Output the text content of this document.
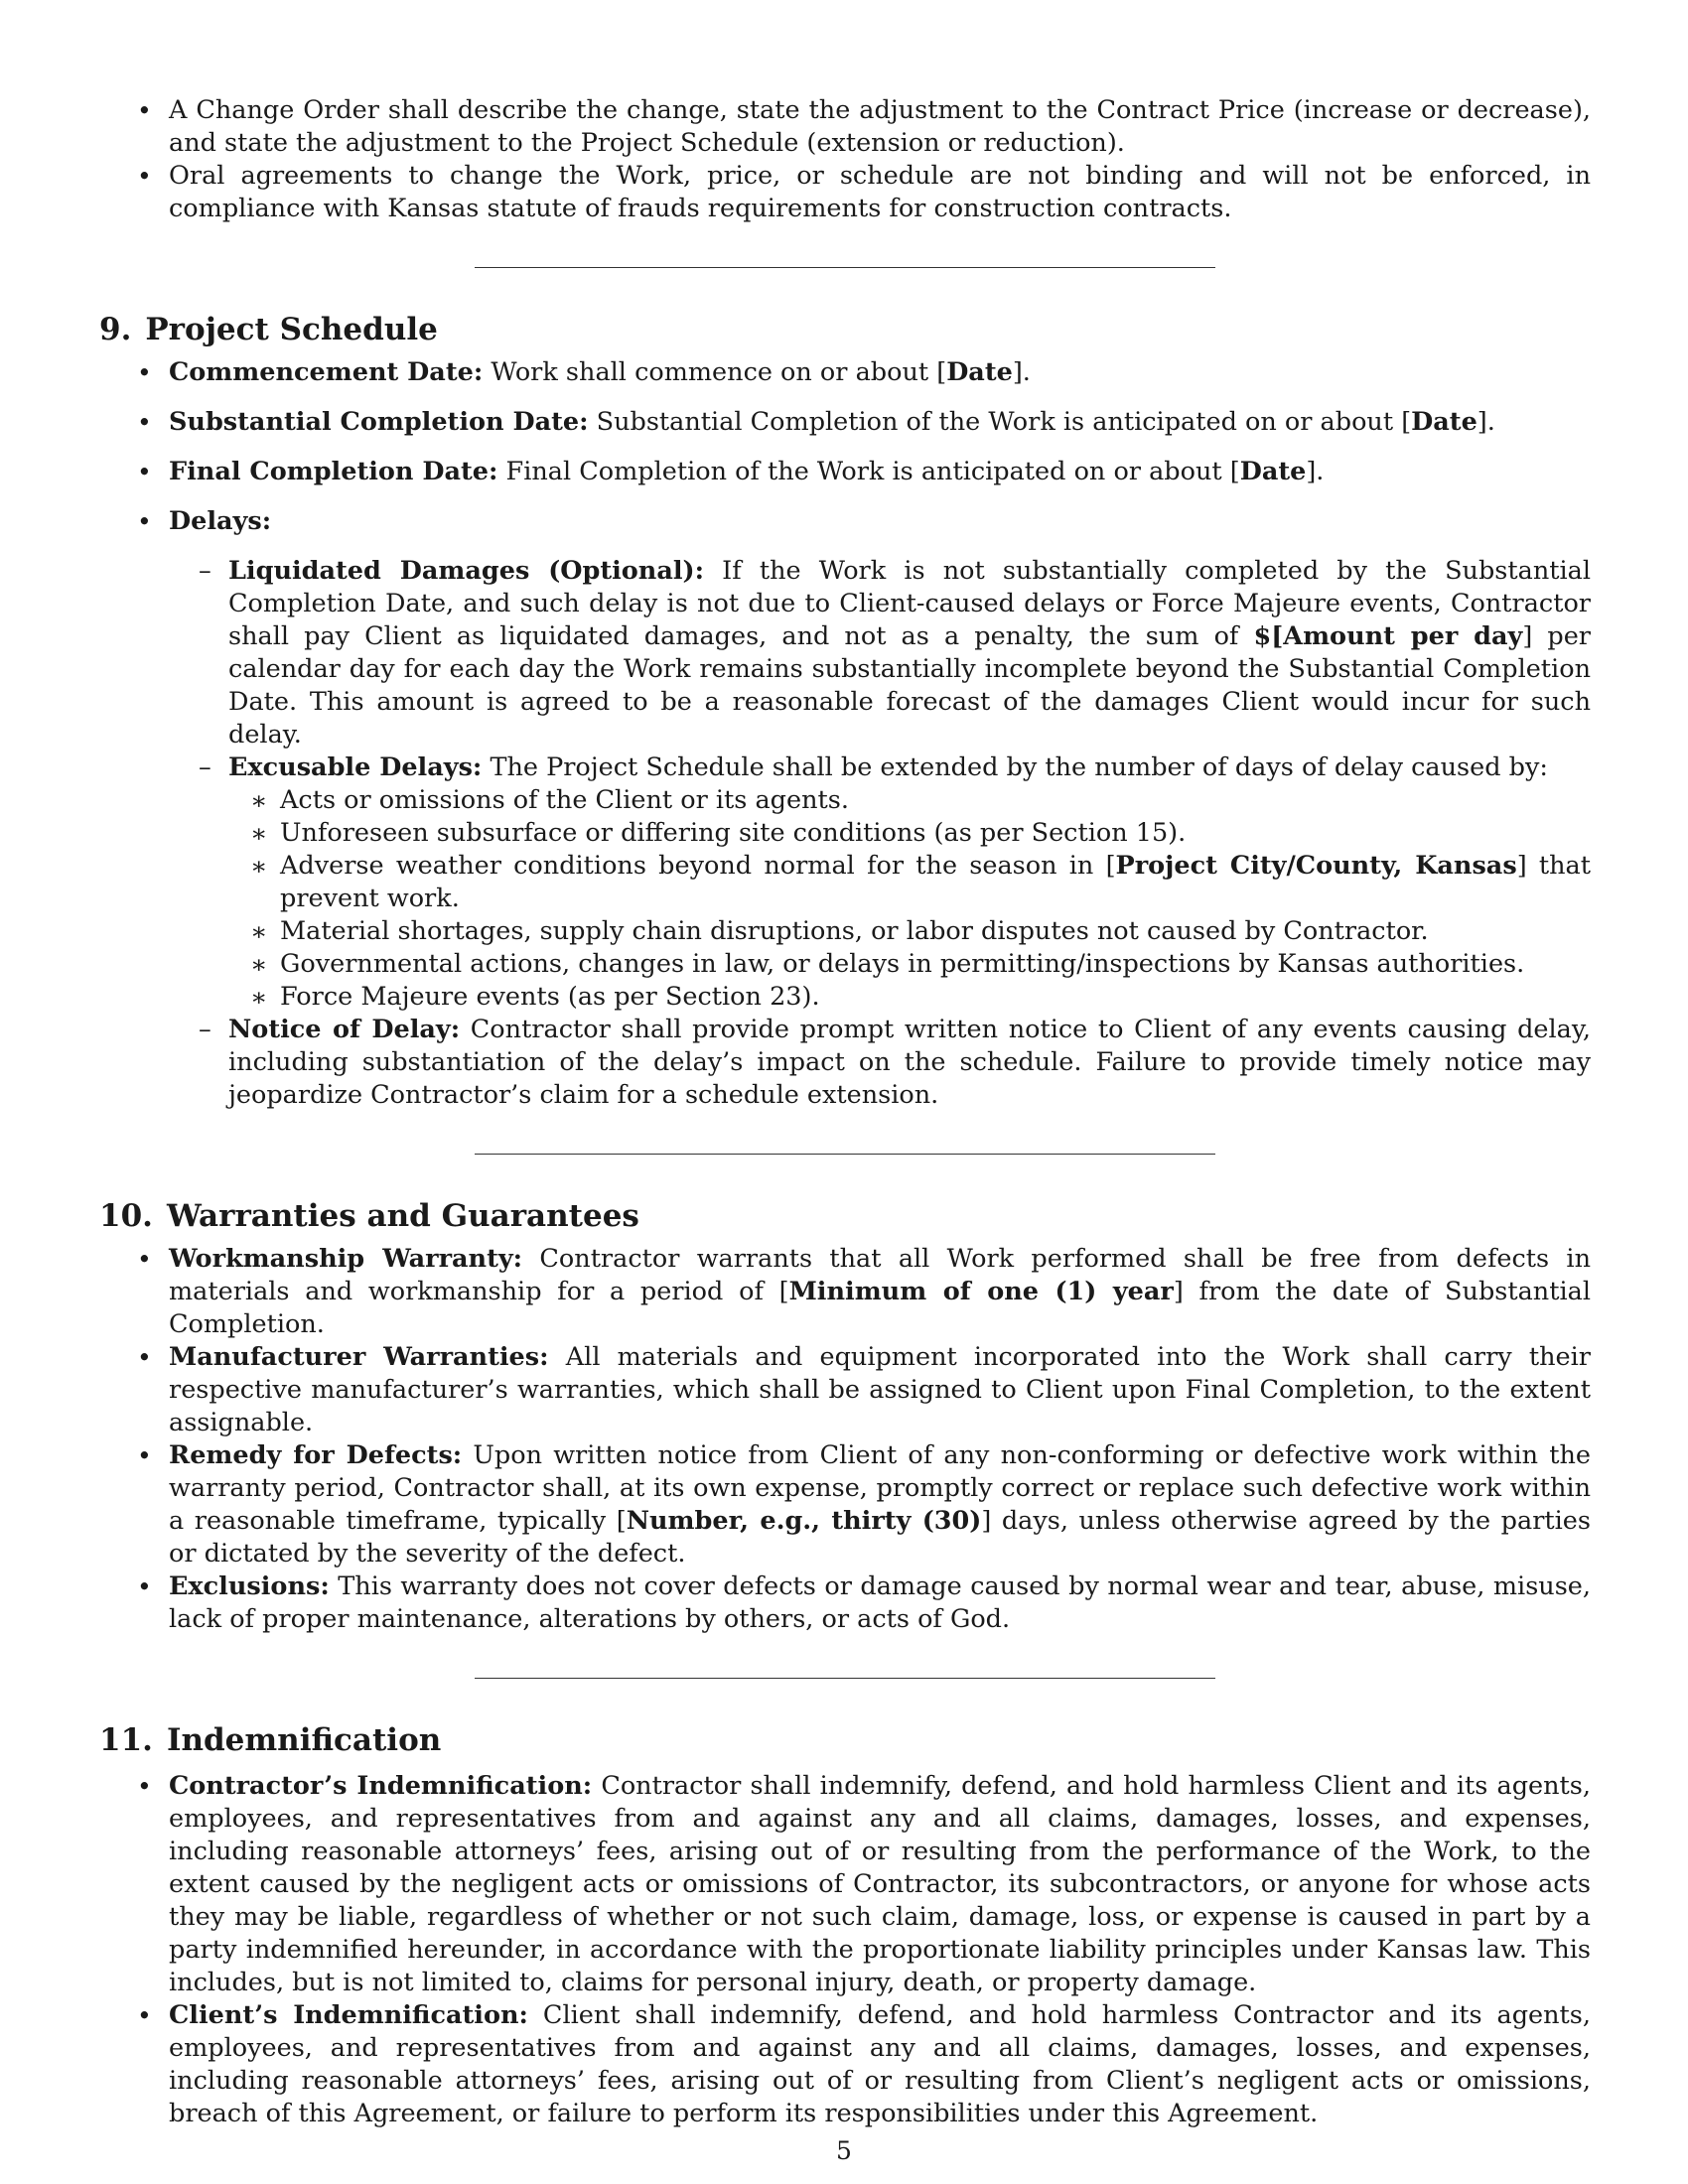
• A Change Order shall describe the change, state the adjustment to the Contract Price (increase or decrease), and state the adjustment to the Project Schedule (extension or reduction).
• Oral agreements to change the Work, price, or schedule are not binding and will not be enforced, in compliance with Kansas statute of frauds requirements for construction contracts.
9. Project Schedule
• Commencement Date: Work shall commence on or about [Date].
• Substantial Completion Date: Substantial Completion of the Work is anticipated on or about [Date].
• Final Completion Date: Final Completion of the Work is anticipated on or about [Date].
• Delays:
– Liquidated Damages (Optional): If the Work is not substantially completed by the Substantial Completion Date, and such delay is not due to Client-caused delays or Force Majeure events, Contractor shall pay Client as liquidated damages, and not as a penalty, the sum of $[Amount per day] per calendar day for each day the Work remains substantially incomplete beyond the Substantial Completion Date. This amount is agreed to be a reasonable forecast of the damages Client would incur for such delay.
– Excusable Delays: The Project Schedule shall be extended by the number of days of delay caused by:
∗ Acts or omissions of the Client or its agents.
∗ Unforeseen subsurface or differing site conditions (as per Section 15).
∗ Adverse weather conditions beyond normal for the season in [Project City/County, Kansas] that prevent work.
∗ Material shortages, supply chain disruptions, or labor disputes not caused by Contractor.
∗ Governmental actions, changes in law, or delays in permitting/inspections by Kansas authorities.
∗ Force Majeure events (as per Section 23).
– Notice of Delay: Contractor shall provide prompt written notice to Client of any events causing delay, including substantiation of the delay’s impact on the schedule. Failure to provide timely notice may jeopardize Contractor’s claim for a schedule extension.
10. Warranties and Guarantees
• Workmanship Warranty: Contractor warrants that all Work performed shall be free from defects in materials and workmanship for a period of [Minimum of one (1) year] from the date of Substantial Completion.
• Manufacturer Warranties: All materials and equipment incorporated into the Work shall carry their respective manufacturer’s warranties, which shall be assigned to Client upon Final Completion, to the extent assignable.
• Remedy for Defects: Upon written notice from Client of any non-conforming or defective work within the warranty period, Contractor shall, at its own expense, promptly correct or replace such defective work within a reasonable timeframe, typically [Number, e.g., thirty (30)] days, unless otherwise agreed by the parties or dictated by the severity of the defect.
• Exclusions: This warranty does not cover defects or damage caused by normal wear and tear, abuse, misuse, lack of proper maintenance, alterations by others, or acts of God.
11. Indemnification
• Contractor’s Indemnification: Contractor shall indemnify, defend, and hold harmless Client and its agents, employees, and representatives from and against any and all claims, damages, losses, and expenses, including reasonable attorneys’ fees, arising out of or resulting from the performance of the Work, to the extent caused by the negligent acts or omissions of Contractor, its subcontractors, or anyone for whose acts they may be liable, regardless of whether or not such claim, damage, loss, or expense is caused in part by a party indemnified hereunder, in accordance with the proportionate liability principles under Kansas law. This includes, but is not limited to, claims for personal injury, death, or property damage.
• Client’s Indemnification: Client shall indemnify, defend, and hold harmless Contractor and its agents, employees, and representatives from and against any and all claims, damages, losses, and expenses, including reasonable attorneys’ fees, arising out of or resulting from Client’s negligent acts or omissions, breach of this Agreement, or failure to perform its responsibilities under this Agreement.
5
